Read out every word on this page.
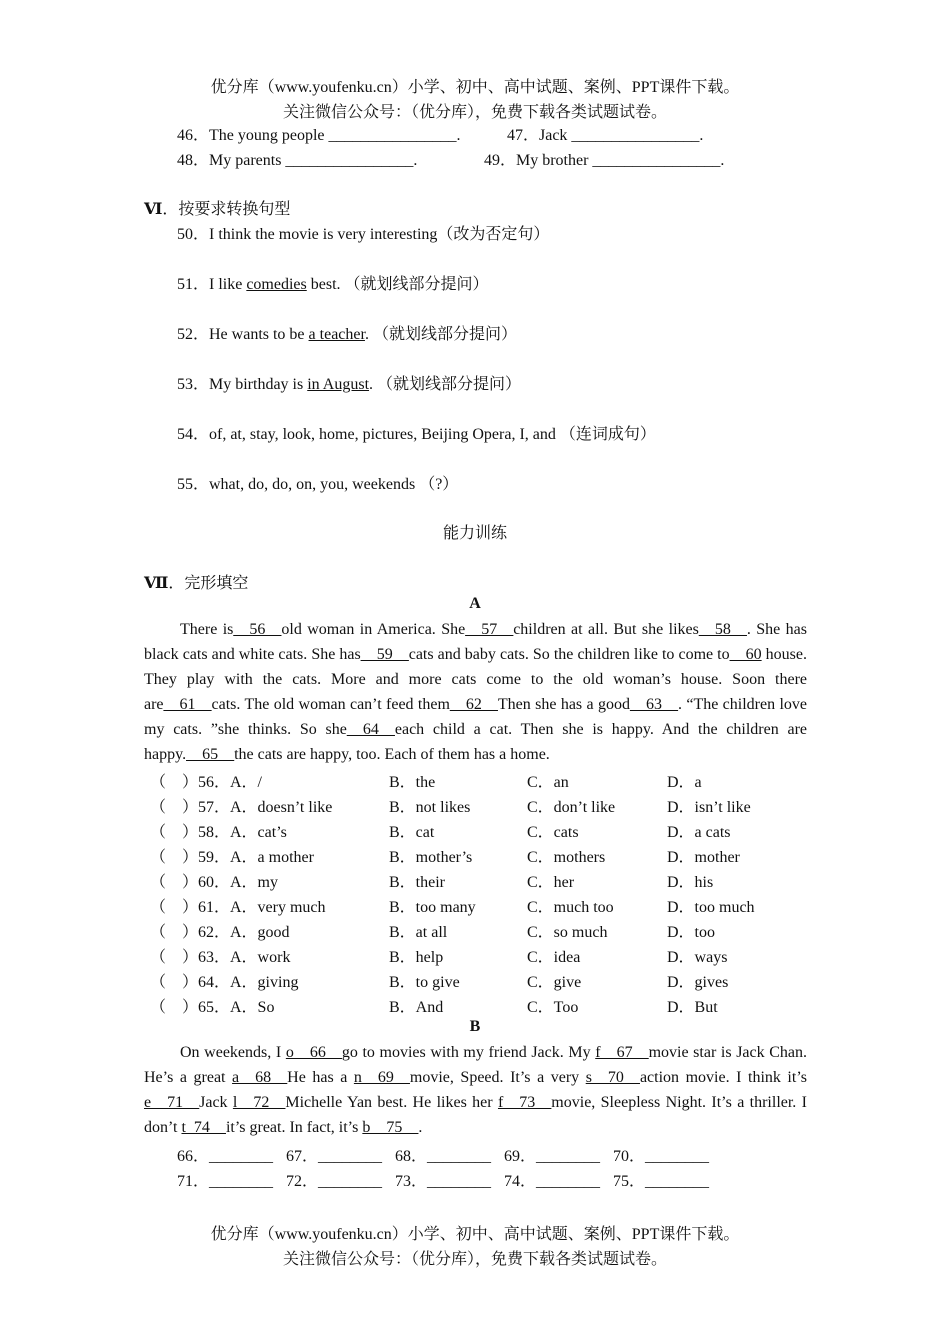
优分库（www.youfenku.cn）小学、初中、高中试题、案例、PPT课件下载。
关注微信公众号：（优分库），免费下载各类试题试卷。
46．The young people ________________.	47．Jack ________________.
48．My parents ________________.	49．My brother ________________.
Ⅵ．按要求转换句型
50．I think the movie is very interesting（改为否定句）
51．I like comedies best. （就划线部分提问）
52．He wants to be a teacher. （就划线部分提问）
53．My birthday is in August. （就划线部分提问）
54．of, at, stay, look, home, pictures, Beijing Opera, I, and （连词成句）
55．what, do, do, on, you, weekends （?）
能力训练
Ⅶ．完形填空
A
There is__56__old woman in America. She__57__children at all. But she likes__58__. She has black cats and white cats. She has__59__cats and baby cats. So the children like to come to__60 house. They play with the cats. More and more cats come to the old woman’s house. Soon there are__61__cats. The old woman can’t feed them__62__Then she has a good__63__. “The children love my cats. ”she thinks. So she__64__each child a cat. Then she is happy. And the children are happy.__65__the cats are happy, too. Each of them has a home.
（　）56．A．/	B．the	C．an	D．a
（　）57．A．doesn’t like	B．not likes	C．don’t like	D．isn’t like
（　）58．A．cat’s	B．cat	C．cats	D．a cats
（　）59．A．a mother	B．mother’s	C．mothers	D．mother
（　）60．A．my	B．their	C．her	D．his
（　）61．A．very much	B．too many	C．much too	D．too much
（　）62．A．good	B．at all	C．so much	D．too
（　）63．A．work	B．help	C．idea	D．ways
（　）64．A．giving	B．to give	C．give	D．gives
（　）65．A．So	B．And	C．Too	D．But
B
On weekends, I o__66__go to movies with my friend Jack. My f__67__movie star is Jack Chan. He’s a great a__68__He has a n__69__movie, Speed. It’s a very s__70__action movie. I think it’s e__71__Jack l__72__Michelle Yan best. He likes her f__73__movie, Sleepless Night. It’s a thriller. I don’t t_74__it’s great. In fact, it’s b__75__.
66．________ 67．________ 68．________ 69．________ 70．________
71．________ 72．________ 73．________ 74．________ 75．________
优分库（www.youfenku.cn）小学、初中、高中试题、案例、PPT课件下载。
关注微信公众号：（优分库），免费下载各类试题试卷。
